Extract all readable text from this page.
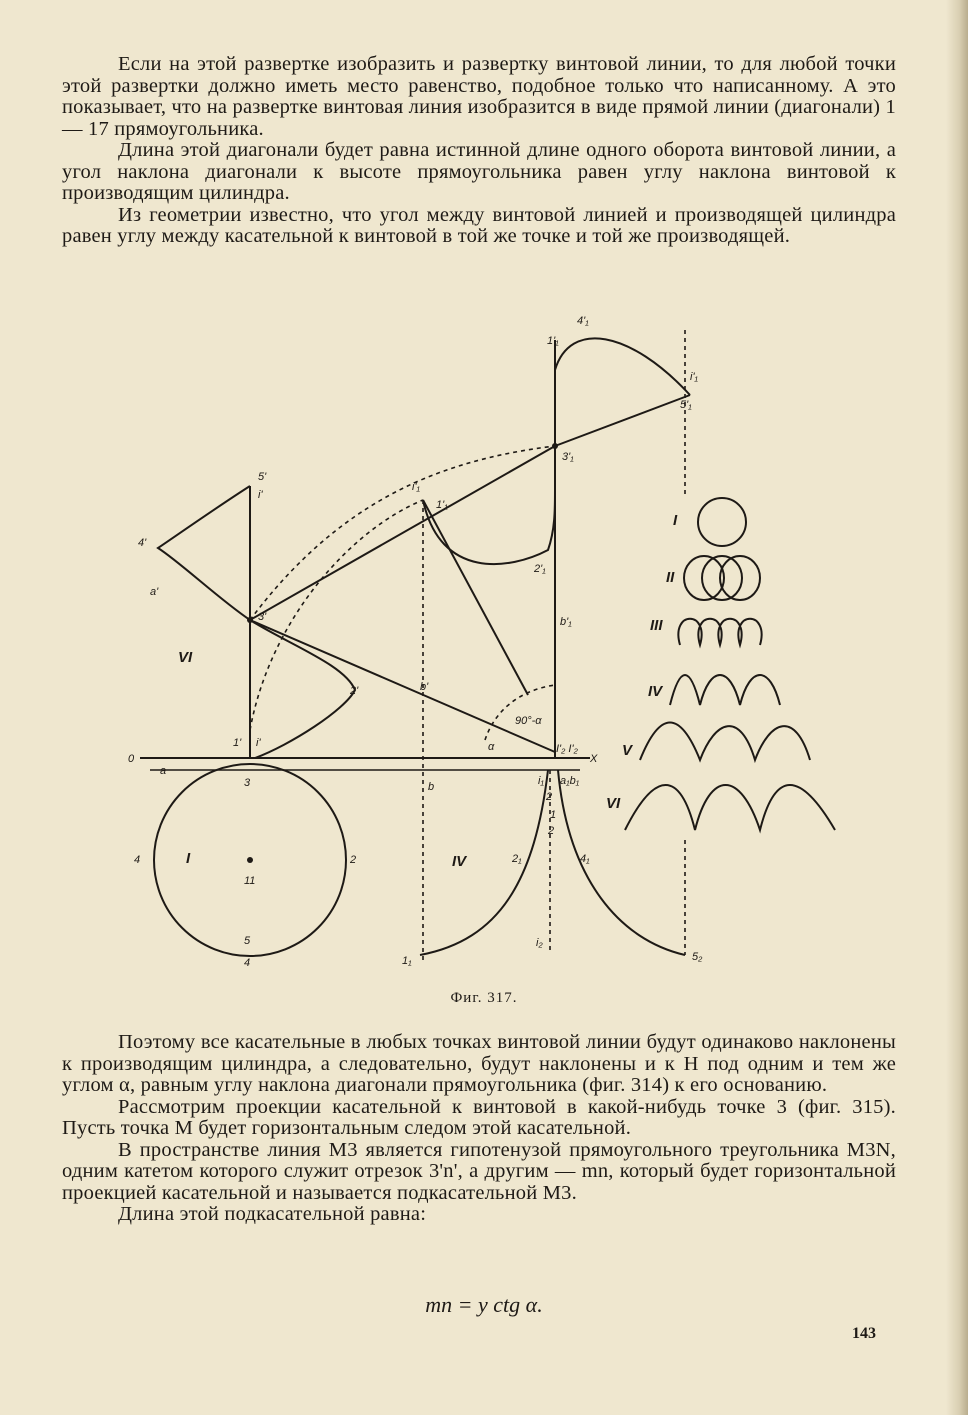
Если на этой развертке изобразить и развертку винтовой линии, то для любой точки этой развертки должно иметь место равенство, подобное только что написанному. А это показывает, что на развертке винтовая линия изобразится в виде прямой линии (диагонали) 1 — 17 прямоугольника.

Длина этой диагонали будет равна истинной длине одного оборота винтовой линии, а угол наклона диагонали к высоте прямоугольника равен углу наклона винтовой к производящим цилиндра.

Из геометрии известно, что угол между винтовой линией и производящей цилиндра равен углу между касательной к винтовой в той же точке и той же производящей.

4'₁
1'₁
i'₁
5'₁
3'₁
i'₁
1'₁
2'₁
b'₁
5'
i'
4'
a'
3'
2'	b'
1' i'
90°-α
α	I'₂ I'₂
X
0
a
3	b	a₁b₁
i₁
4	2
11
5
4
2
2₁	4₁
i₂
1₁	5₂
1
2
I
II
III
IV
V
VI
VI
I	IV
Фиг. 317.

Поэтому все касательные в любых точках винтовой линии будут одинаково наклонены к производящим цилиндра, а следовательно, будут наклонены и к H под одним и тем же углом α, равным углу наклона диагонали прямоугольника (фиг. 314) к его основанию.

Рассмотрим проекции касательной к винтовой в какой-нибудь точке 3 (фиг. 315). Пусть точка M будет горизонтальным следом этой касательной.

В пространстве линия M3 является гипотенузой прямоугольного треугольника M3N, одним катетом которого служит отрезок 3'n', а другим — mn, который будет горизонтальной проекцией касательной и называется подкасательной M3.

Длина этой подкасательной равна:

mn = y ctg α.
143
